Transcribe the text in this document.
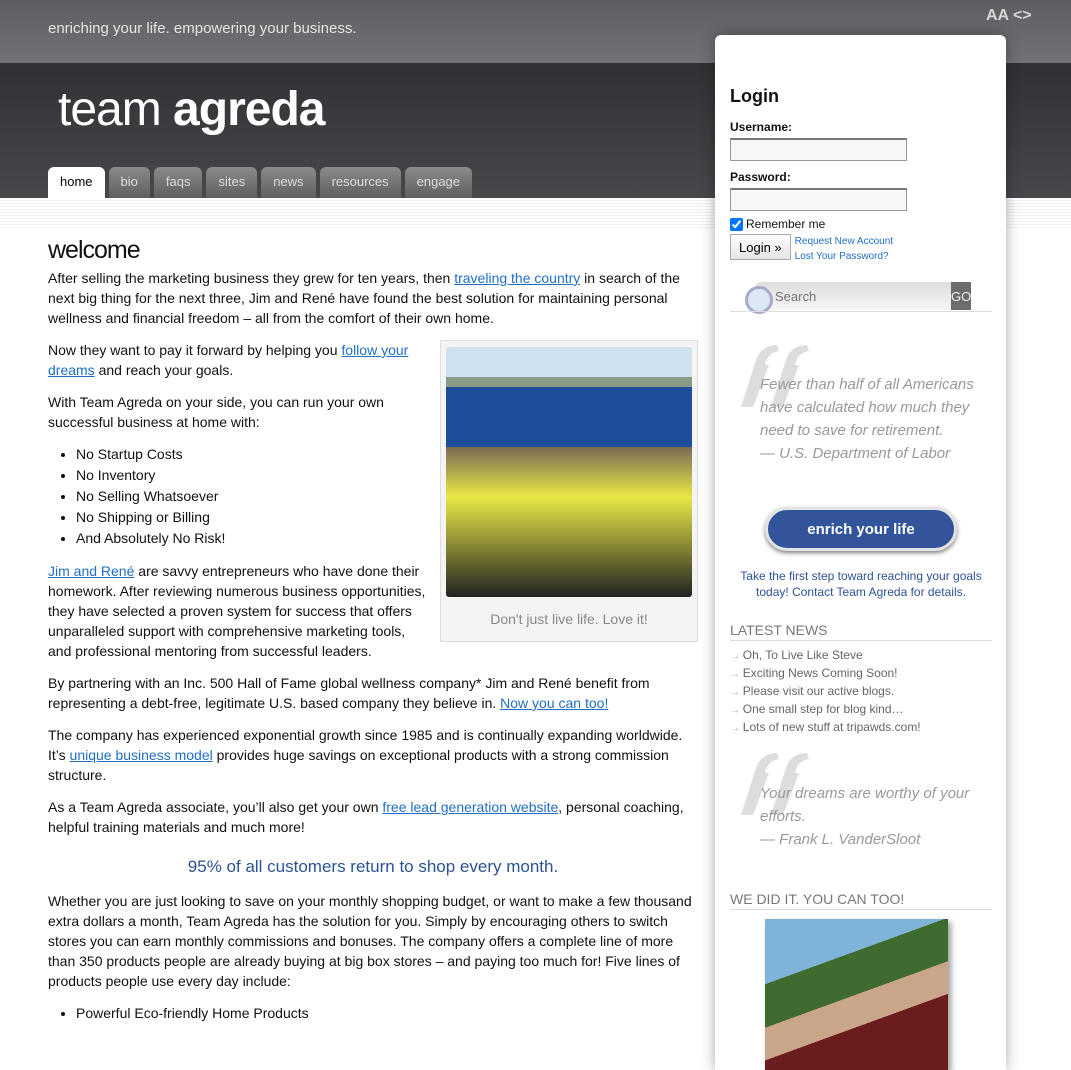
enriching your life. empowering your business.
AA <>
team agreda
home	bio	faqs	sites	news	resources	engage
welcome

After selling the marketing business they grew for ten years, then traveling the country in search of the next big thing for the next three, Jim and René have found the best solution for maintaining personal wellness and financial freedom – all from the comfort of their own home.

Don't just live life. Love it!

Now they want to pay it forward by helping you follow your dreams and reach your goals.

With Team Agreda on your side, you can run your own successful business at home with:

• No Startup Costs
• No Inventory
• No Selling Whatsoever
• No Shipping or Billing
• And Absolutely No Risk!

Jim and René are savvy entrepreneurs who have done their homework. After reviewing numerous business opportunities, they have selected a proven system for success that offers unparalleled support with comprehensive marketing tools, and professional mentoring from successful leaders.

By partnering with an Inc. 500 Hall of Fame global wellness company* Jim and René benefit from representing a debt-free, legitimate U.S. based company they believe in. Now you can too!

The company has experienced exponential growth since 1985 and is continually expanding worldwide. It’s unique business model provides huge savings on exceptional products with a strong commission structure.

As a Team Agreda associate, you’ll also get your own free lead generation website, personal coaching, helpful training materials and much more!

95% of all customers return to shop every month.

Whether you are just looking to save on your monthly shopping budget, or want to make a few thousand extra dollars a month, Team Agreda has the solution for you. Simply by encouraging others to switch stores you can earn monthly commissions and bonuses. The company offers a complete line of more than 350 products people are already buying at big box stores – and paying too much for! Five lines of products people use every day include:

• Powerful Eco-friendly Home Products
Login
Username:
Password:
Remember me
Login »	Request New Account
Lost Your Password?
Search
GO
Fewer than half of all Americans have calculated how much they need to save for retirement.
— U.S. Department of Labor
enrich your life
Take the first step toward reaching your goals today! Contact Team Agreda for details.
LATEST NEWS
→ Oh, To Live Like Steve
→ Exciting News Coming Soon!
→ Please visit our active blogs.
→ One small step for blog kind…
→ Lots of new stuff at tripawds.com!
Your dreams are worthy of your efforts.
— Frank L. VanderSloot
WE DID IT. YOU CAN TOO!
